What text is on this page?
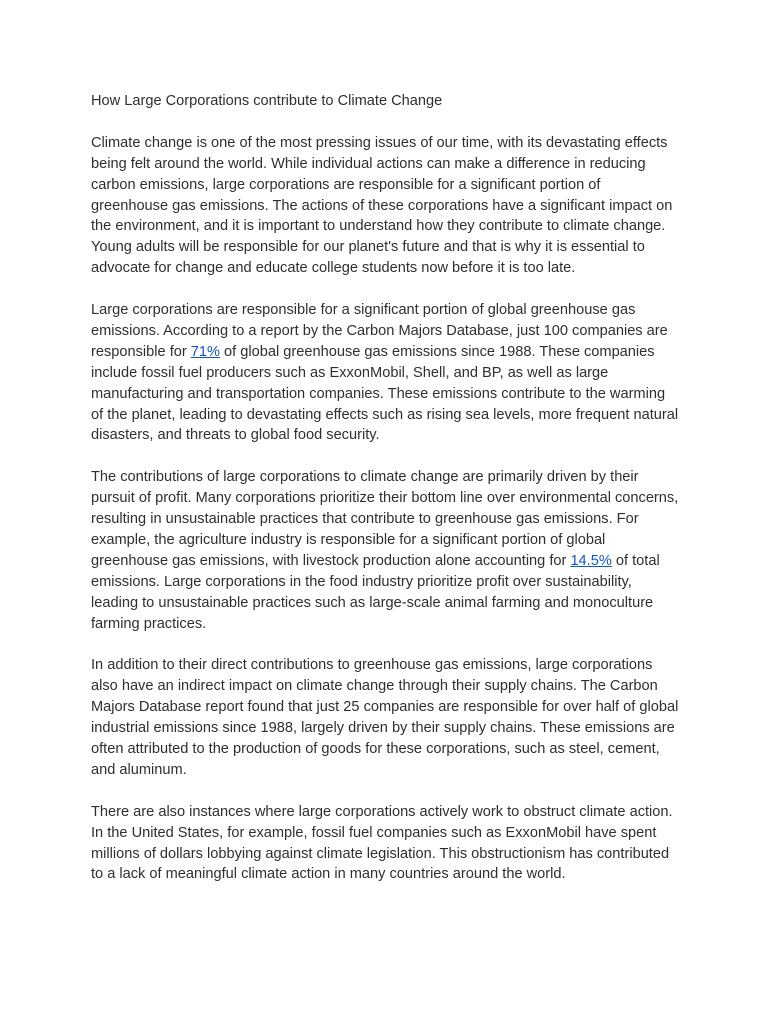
How Large Corporations contribute to Climate Change

Climate change is one of the most pressing issues of our time, with its devastating effects being felt around the world. While individual actions can make a difference in reducing carbon emissions, large corporations are responsible for a significant portion of greenhouse gas emissions. The actions of these corporations have a significant impact on the environment, and it is important to understand how they contribute to climate change. Young adults will be responsible for our planet's future and that is why it is essential to advocate for change and educate college students now before it is too late.

Large corporations are responsible for a significant portion of global greenhouse gas emissions. According to a report by the Carbon Majors Database, just 100 companies are responsible for 71% of global greenhouse gas emissions since 1988. These companies include fossil fuel producers such as ExxonMobil, Shell, and BP, as well as large manufacturing and transportation companies. These emissions contribute to the warming of the planet, leading to devastating effects such as rising sea levels, more frequent natural disasters, and threats to global food security.

The contributions of large corporations to climate change are primarily driven by their pursuit of profit. Many corporations prioritize their bottom line over environmental concerns, resulting in unsustainable practices that contribute to greenhouse gas emissions. For example, the agriculture industry is responsible for a significant portion of global greenhouse gas emissions, with livestock production alone accounting for 14.5% of total emissions. Large corporations in the food industry prioritize profit over sustainability, leading to unsustainable practices such as large-scale animal farming and monoculture farming practices.

In addition to their direct contributions to greenhouse gas emissions, large corporations also have an indirect impact on climate change through their supply chains. The Carbon Majors Database report found that just 25 companies are responsible for over half of global industrial emissions since 1988, largely driven by their supply chains. These emissions are often attributed to the production of goods for these corporations, such as steel, cement, and aluminum.

There are also instances where large corporations actively work to obstruct climate action. In the United States, for example, fossil fuel companies such as ExxonMobil have spent millions of dollars lobbying against climate legislation. This obstructionism has contributed to a lack of meaningful climate action in many countries around the world.
